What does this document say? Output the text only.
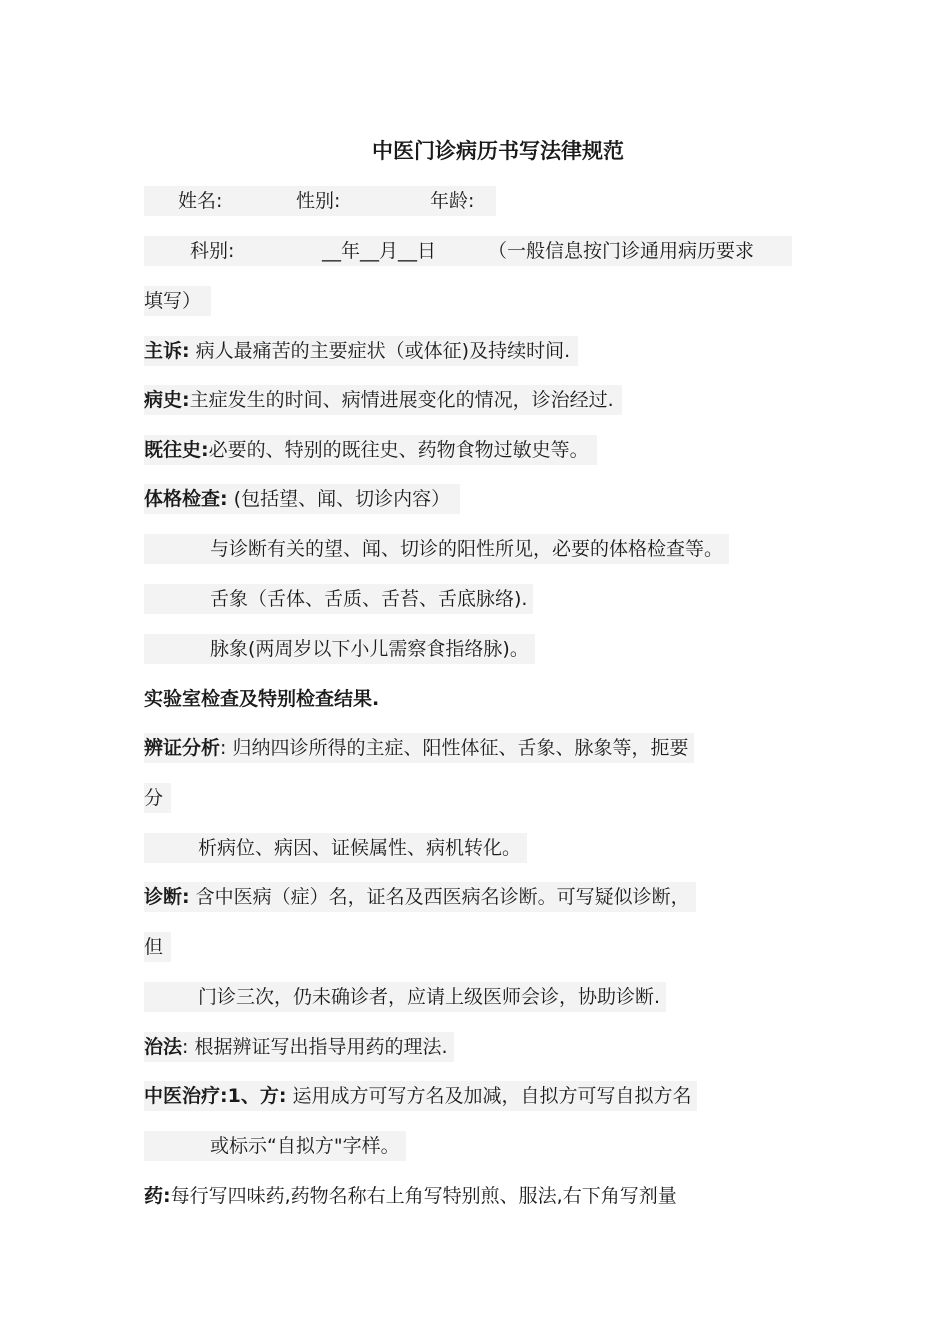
中医门诊病历书写法律规范
姓名:	性别:	年龄:
科别:	__年__月__日	（一般信息按门诊通用病历要求
填写）
主诉: 病人最痛苦的主要症状（或体征)及持续时间.
病史:主症发生的时间、病情进展变化的情况，诊治经过.
既往史:必要的、特别的既往史、药物食物过敏史等。
体格检查: (包括望、闻、切诊内容）
与诊断有关的望、闻、切诊的阳性所见，必要的体格检查等。
舌象（舌体、舌质、舌苔、舌底脉络).
脉象(两周岁以下小儿需察食指络脉)。
实验室检查及特别检查结果.
辨证分析: 归纳四诊所得的主症、阳性体征、舌象、脉象等，扼要
分
析病位、病因、证候属性、病机转化。
诊断: 含中医病（症）名，证名及西医病名诊断。可写疑似诊断，
但
门诊三次，仍未确诊者，应请上级医师会诊，协助诊断.
治法: 根据辨证写出指导用药的理法.
中医治疗:1、方: 运用成方可写方名及加减，自拟方可写自拟方名
或标示“自拟方"字样。
药:每行写四味药,药物名称右上角写特别煎、服法,右下角写剂量
